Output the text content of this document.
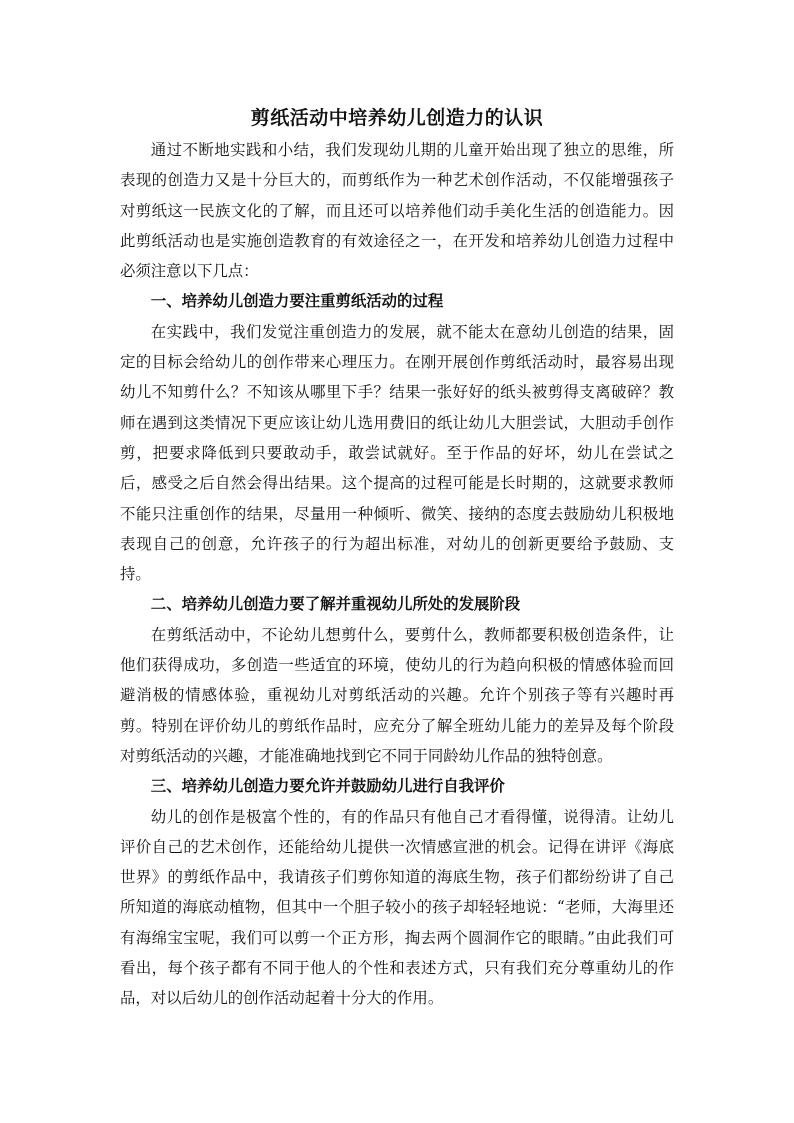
剪纸活动中培养幼儿创造力的认识

通过不断地实践和小结，我们发现幼儿期的儿童开始出现了独立的思维，所表现的创造力又是十分巨大的，而剪纸作为一种艺术创作活动，不仅能增强孩子对剪纸这一民族文化的了解，而且还可以培养他们动手美化生活的创造能力。因此剪纸活动也是实施创造教育的有效途径之一，在开发和培养幼儿创造力过程中必须注意以下几点：

一、培养幼儿创造力要注重剪纸活动的过程

在实践中，我们发觉注重创造力的发展，就不能太在意幼儿创造的结果，固定的目标会给幼儿的创作带来心理压力。在刚开展创作剪纸活动时，最容易出现幼儿不知剪什么？不知该从哪里下手？结果一张好好的纸头被剪得支离破碎？教师在遇到这类情况下更应该让幼儿选用费旧的纸让幼儿大胆尝试，大胆动手创作剪，把要求降低到只要敢动手，敢尝试就好。至于作品的好坏，幼儿在尝试之后，感受之后自然会得出结果。这个提高的过程可能是长时期的，这就要求教师不能只注重创作的结果，尽量用一种倾听、微笑、接纳的态度去鼓励幼儿积极地表现自己的创意，允许孩子的行为超出标准，对幼儿的创新更要给予鼓励、支持。

二、培养幼儿创造力要了解并重视幼儿所处的发展阶段

在剪纸活动中，不论幼儿想剪什么，要剪什么，教师都要积极创造条件，让他们获得成功，多创造一些适宜的环境，使幼儿的行为趋向积极的情感体验而回避消极的情感体验，重视幼儿对剪纸活动的兴趣。允许个别孩子等有兴趣时再剪。特别在评价幼儿的剪纸作品时，应充分了解全班幼儿能力的差异及每个阶段对剪纸活动的兴趣，才能准确地找到它不同于同龄幼儿作品的独特创意。

三、培养幼儿创造力要允许并鼓励幼儿进行自我评价

幼儿的创作是极富个性的，有的作品只有他自己才看得懂，说得清。让幼儿评价自己的艺术创作，还能给幼儿提供一次情感宣泄的机会。记得在讲评《海底世界》的剪纸作品中，我请孩子们剪你知道的海底生物，孩子们都纷纷讲了自己所知道的海底动植物，但其中一个胆子较小的孩子却轻轻地说：“老师，大海里还有海绵宝宝呢，我们可以剪一个正方形，掏去两个圆洞作它的眼睛。”由此我们可看出，每个孩子都有不同于他人的个性和表述方式，只有我们充分尊重幼儿的作品，对以后幼儿的创作活动起着十分大的作用。
